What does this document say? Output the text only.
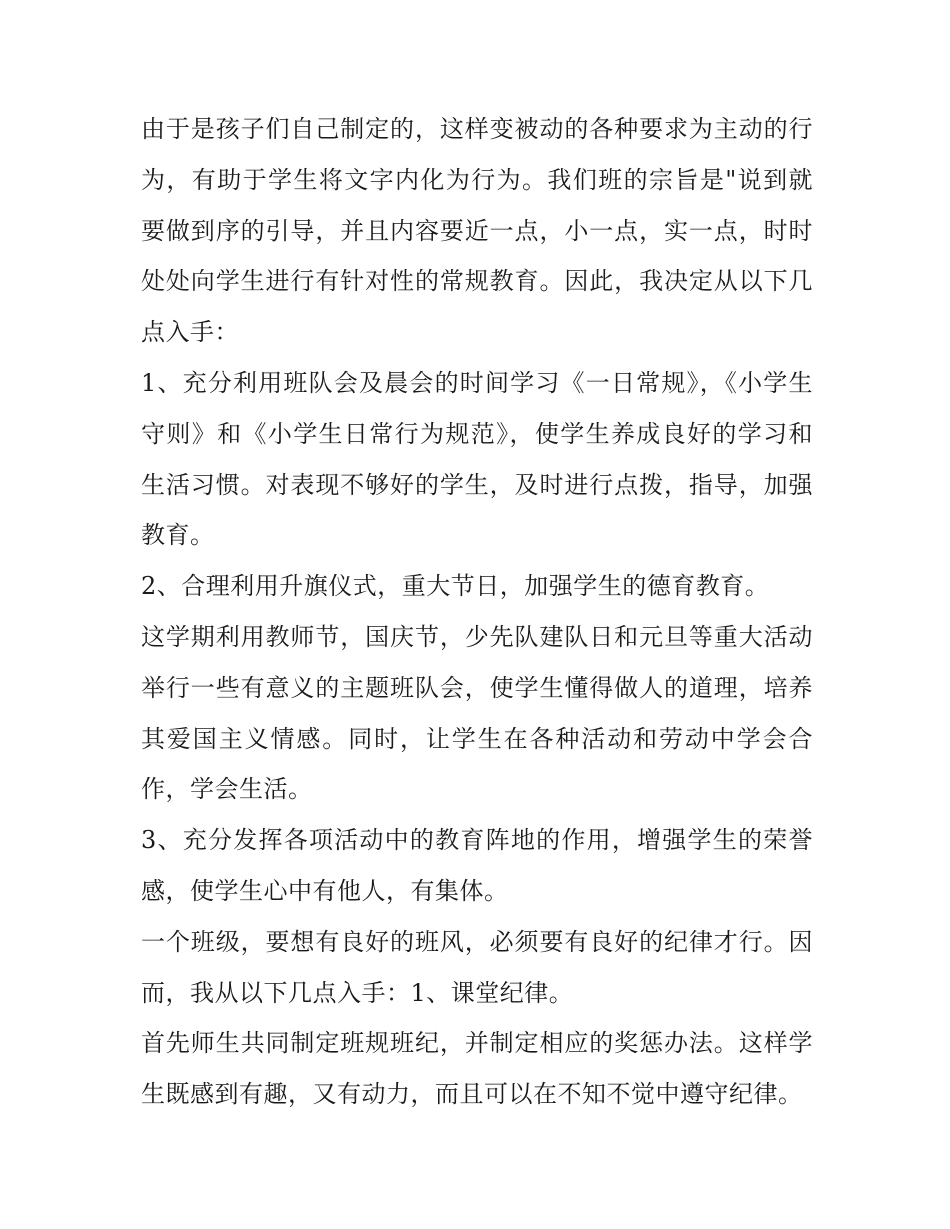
由于是孩子们自己制定的，这样变被动的各种要求为主动的行为，有助于学生将文字内化为行为。我们班的宗旨是"说到就要做到序的引导，并且内容要近一点，小一点，实一点，时时处处向学生进行有针对性的常规教育。因此，我决定从以下几点入手：

1、充分利用班队会及晨会的时间学习《一日常规》，《小学生守则》和《小学生日常行为规范》，使学生养成良好的学习和生活习惯。对表现不够好的学生，及时进行点拨，指导，加强教育。

2、合理利用升旗仪式，重大节日，加强学生的德育教育。

这学期利用教师节，国庆节，少先队建队日和元旦等重大活动举行一些有意义的主题班队会，使学生懂得做人的道理，培养其爱国主义情感。同时，让学生在各种活动和劳动中学会合作，学会生活。

3、充分发挥各项活动中的教育阵地的作用，增强学生的荣誉感，使学生心中有他人，有集体。

一个班级，要想有良好的班风，必须要有良好的纪律才行。因而，我从以下几点入手：1、课堂纪律。

首先师生共同制定班规班纪，并制定相应的奖惩办法。这样学生既感到有趣，又有动力，而且可以在不知不觉中遵守纪律。
